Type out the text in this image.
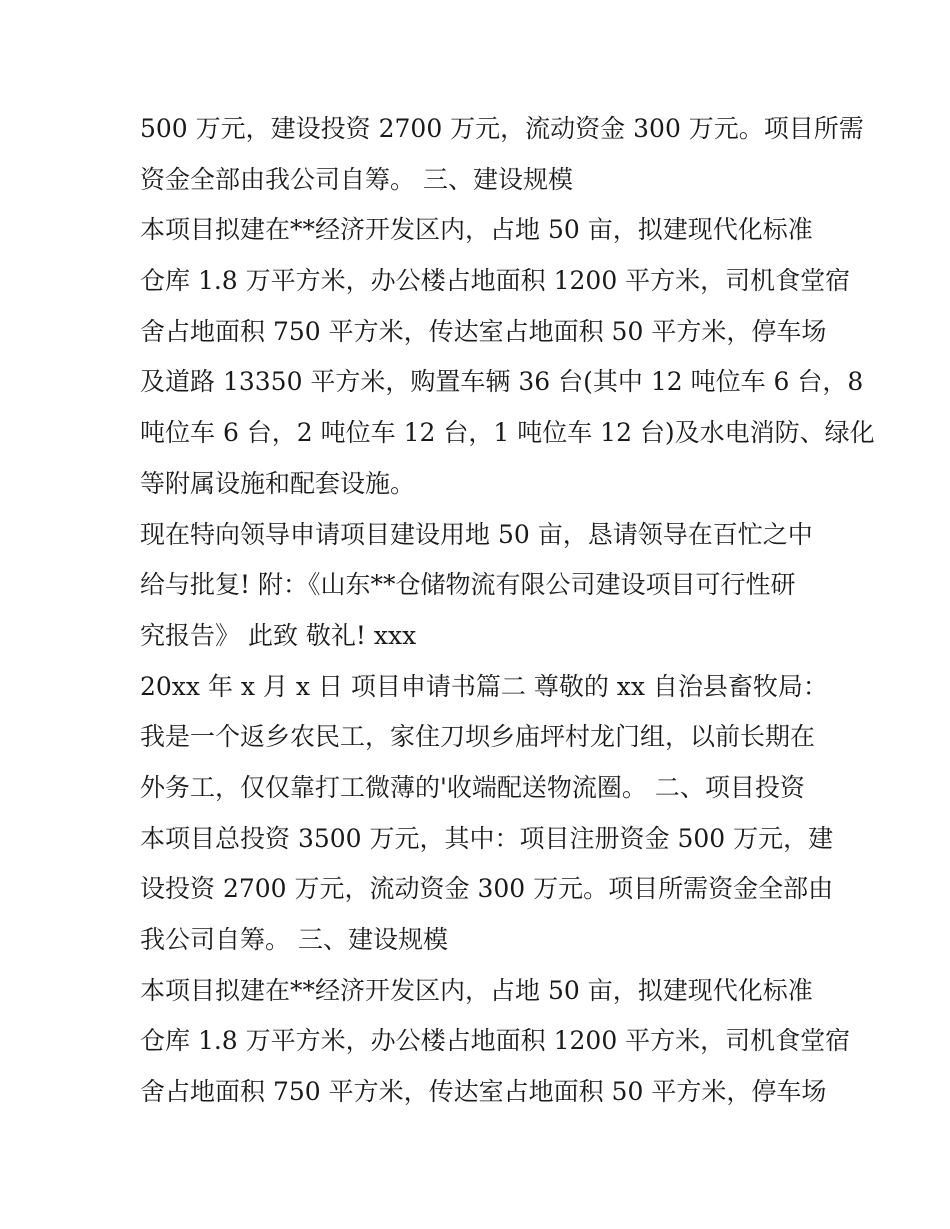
500 万元，建设投资 2700 万元，流动资金 300 万元。项目所需
资金全部由我公司自筹。 三、建设规模
本项目拟建在**经济开发区内，占地 50 亩，拟建现代化标准
仓库 1.8 万平方米，办公楼占地面积 1200 平方米，司机食堂宿
舍占地面积 750 平方米，传达室占地面积 50 平方米，停车场
及道路 13350 平方米，购置车辆 36 台(其中 12 吨位车 6 台，8
吨位车 6 台，2 吨位车 12 台，1 吨位车 12 台)及水电消防、绿化
等附属设施和配套设施。
现在特向领导申请项目建设用地 50 亩，恳请领导在百忙之中
给与批复! 附：《山东**仓储物流有限公司建设项目可行性研
究报告》 此致 敬礼! xxx
20xx 年 x 月 x 日 项目申请书篇二 尊敬的 xx 自治县畜牧局：
我是一个返乡农民工，家住刀坝乡庙坪村龙门组，以前长期在
外务工，仅仅靠打工微薄的'收端配送物流圈。 二、项目投资
本项目总投资 3500 万元，其中：项目注册资金 500 万元，建
设投资 2700 万元，流动资金 300 万元。项目所需资金全部由
我公司自筹。 三、建设规模
本项目拟建在**经济开发区内，占地 50 亩，拟建现代化标准
仓库 1.8 万平方米，办公楼占地面积 1200 平方米，司机食堂宿
舍占地面积 750 平方米，传达室占地面积 50 平方米，停车场
